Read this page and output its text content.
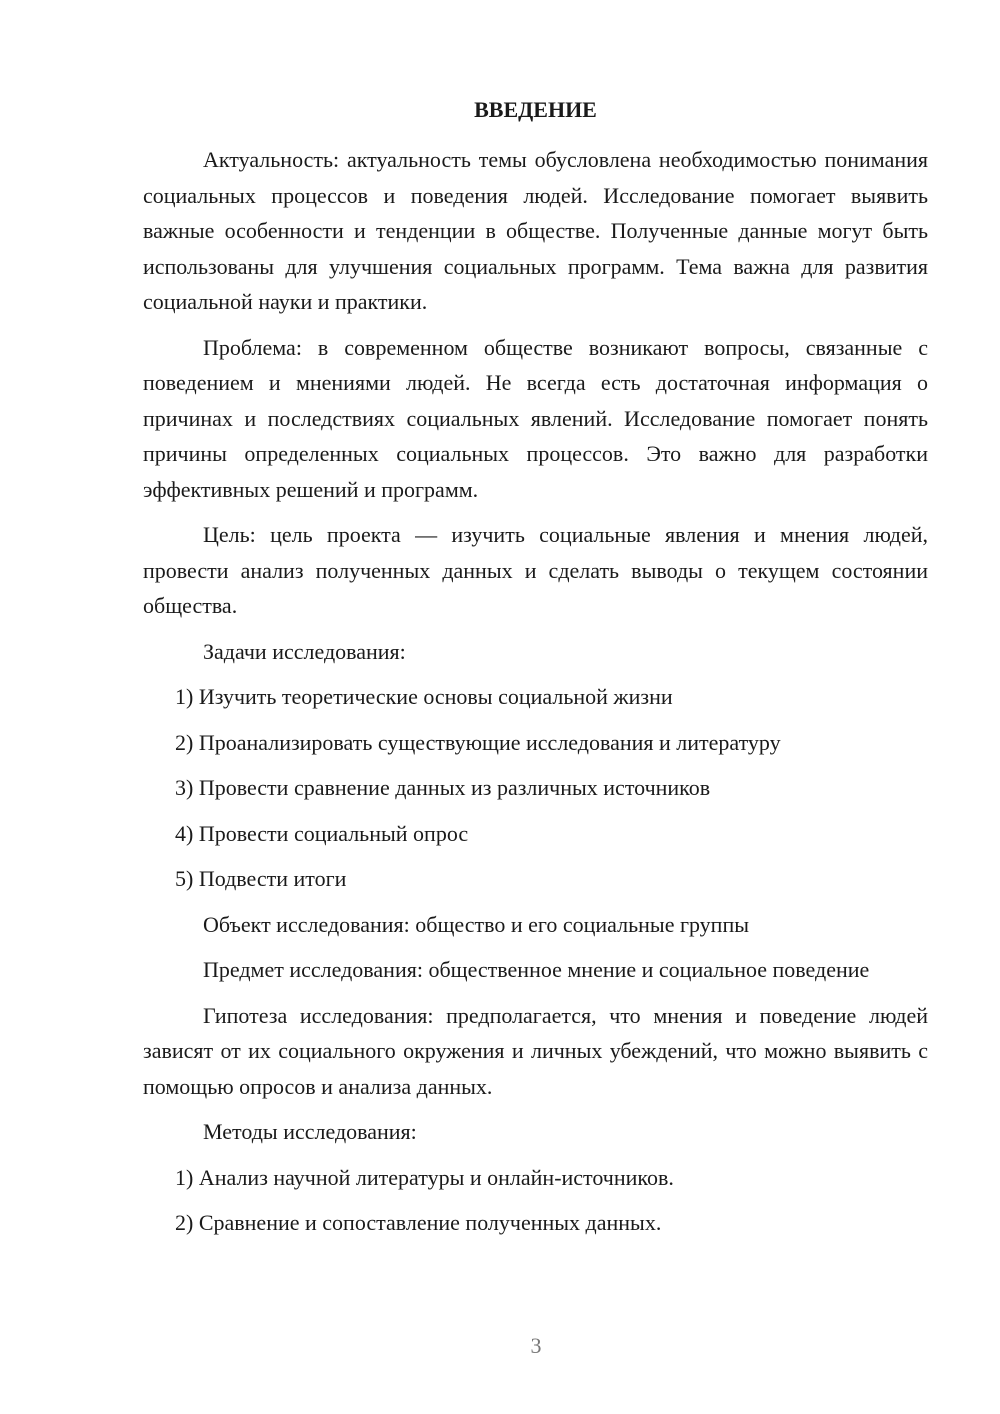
ВВЕДЕНИЕ

Актуальность: актуальность темы обусловлена необходимостью понимания социальных процессов и поведения людей. Исследование помогает выявить важные особенности и тенденции в обществе. Полученные данные могут быть использованы для улучшения социальных программ. Тема важна для развития социальной науки и практики.

Проблема: в современном обществе возникают вопросы, связанные с поведением и мнениями людей. Не всегда есть достаточная информация о причинах и последствиях социальных явлений. Исследование помогает понять причины определенных социальных процессов. Это важно для разработки эффективных решений и программ.

Цель: цель проекта — изучить социальные явления и мнения людей, провести анализ полученных данных и сделать выводы о текущем состоянии общества.

Задачи исследования:

1) Изучить теоретические основы социальной жизни

2) Проанализировать существующие исследования и литературу

3) Провести сравнение данных из различных источников

4) Провести социальный опрос

5) Подвести итоги

Объект исследования: общество и его социальные группы

Предмет исследования: общественное мнение и социальное поведение

Гипотеза исследования: предполагается, что мнения и поведение людей зависят от их социального окружения и личных убеждений, что можно выявить с помощью опросов и анализа данных.

Методы исследования:

1) Анализ научной литературы и онлайн-источников.

2) Сравнение и сопоставление полученных данных.

3
